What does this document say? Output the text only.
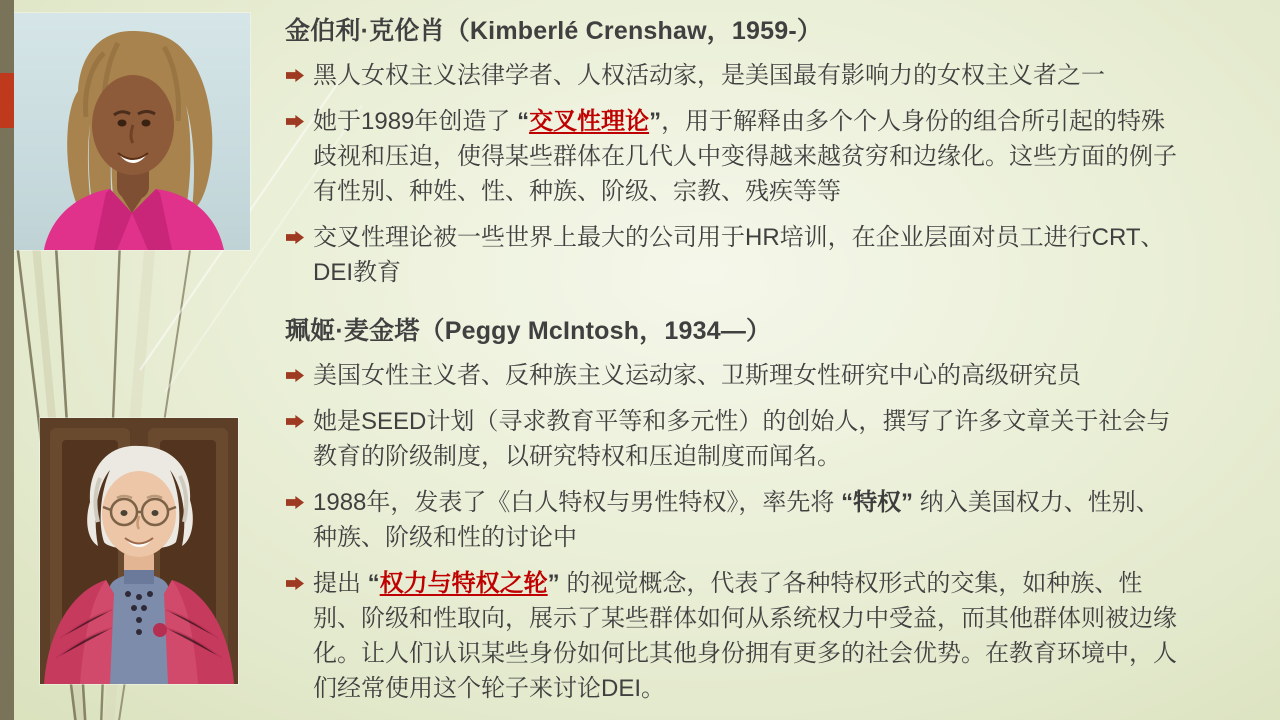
金伯利·克伦肖（Kimberlé Crenshaw，1959-）
黑人女权主义法律学者、人权活动家，是美国最有影响力的女权主义者之一
她于1989年创造了 “交叉性理论”，用于解释由多个个人身份的组合所引起的特殊歧视和压迫，使得某些群体在几代人中变得越来越贫穷和边缘化。这些方面的例子有性别、种姓、性、种族、阶级、宗教、残疾等等
交叉性理论被一些世界上最大的公司用于HR培训，在企业层面对员工进行CRT、DEI教育
珮姬·麦金塔（Peggy McIntosh，1934—）
美国女性主义者、反种族主义运动家、卫斯理女性研究中心的高级研究员
她是SEED计划（寻求教育平等和多元性）的创始人，撰写了许多文章关于社会与教育的阶级制度，以研究特权和压迫制度而闻名。
1988年，发表了《白人特权与男性特权》，率先将 “特权” 纳入美国权力、性别、种族、阶级和性的讨论中
提出 “权力与特权之轮” 的视觉概念，代表了各种特权形式的交集，如种族、性别、阶级和性取向，展示了某些群体如何从系统权力中受益，而其他群体则被边缘化。让人们认识某些身份如何比其他身份拥有更多的社会优势。在教育环境中，人们经常使用这个轮子来讨论DEI。
